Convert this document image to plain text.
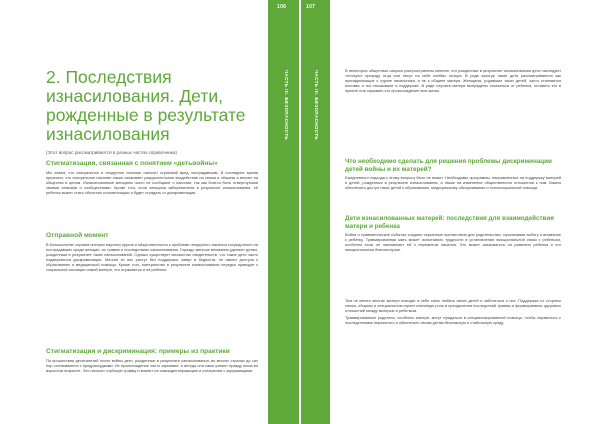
106
ЧАСТЬ III. БЕЗОПАСНОСТЬ
2. Последствия изнасилования. Дети, рожденные в результате изнасилования
(Этот вопрос рассматривается в разных частях справочника)
Стигматизация, связанная с понятием «детьвойны»

Мы знаем, что сексуальное и гендерное насилие наносит огромный вред пострадавшим. В последнее время признано, что сексуальное насилие также оказывает разрушительное воздействие на семьи и общины и влияет на общество в целом. Изнасилованные женщины часто не сообщают о насилии, так как боятся быть отвергнутыми своими семьями и сообществами. Кроме того, если женщина забеременела в результате изнасилования, её ребенок может стать объектом стигматизации и будет страдать от дискриминации.

Отправной момент

В большинстве случаев интерес научных кругов и общественности к проблеме гендерного насилия сосредоточен на пострадавших среди женщин, их травме и последствиях изнасилования. Гораздо меньше внимания уделяют детям, рожденным в результате таких изнасилований. Однако существует множество свидетельств, что такие дети часто подвергаются дискриминации. Многие из них растут без поддержки, живут в бедности, не имеют доступа к образованию и медицинской помощи. Кроме того, материнство в результате изнасилования нередко приводит к социальной изоляции самой матери, что отражается и на ребенке.

Стигматизация и дискриминация: примеры из практики

По прошествии десятилетий после войны дети, рожденные в результате изнасилования, во многих странах до сих пор сталкиваются с предрассудками. Их происхождение часто скрывают, а иногда они сами узнают правду лишь во взрослом возрасте. Это наносит глубокую травму и влияет на самоидентификацию и отношения с окружающими.

107
ЧАСТЬ III. БЕЗОПАСНОСТЬ	В некоторых обществах широко распространены мнения, что рожденные в результате изнасилования дети наследуют «плохую» природу отца или несут на себе клеймо позора. В ряде культур такие дети рассматриваются как принадлежащие к группе насильника, а не к общине матери. Женщины, родившие таких детей, часто становятся изгоями, и им отказывают в поддержке. В ряде случаев матери вынуждены отказаться от ребенка, оставить его в приюте или скрывать его происхождение всю жизнь.

Что необходимо сделать для решения проблемы дискриминации детей войны и их матерей?

Ежедневного подхода к этому вопросу быть не может. Необходимы программы, направленные на поддержку матерей и детей, рожденных в результате изнасилования, а также на изменение общественного отношения к ним. Важно обеспечить доступ таких детей к образованию, медицинскому обслуживанию и психосоциальной помощи.

Дети изнасилованных матерей: последствия для взаимодействия матери и ребенка

Война и травматические события создают серьезные препятствия для родительства, ограничивая заботу и внимание к ребенку. Травмированная мать может испытывать трудности в установлении эмоциональной связи с ребенком, особенно если он напоминает ей о пережитом насилии. Это может сказываться на развитии ребенка и его эмоциональном благополучии.

Тем не менее многие матери находят в себе силы любить своих детей и заботиться о них. Поддержка со стороны семьи, общины и специалистов играет ключевую роль в преодолении последствий травмы и формировании здоровых отношений между матерью и ребенком.

Травмированные родители, особенно матери, могут нуждаться в специализированной помощи, чтобы справиться с последствиями пережитого и обеспечить своим детям безопасную и стабильную среду.
